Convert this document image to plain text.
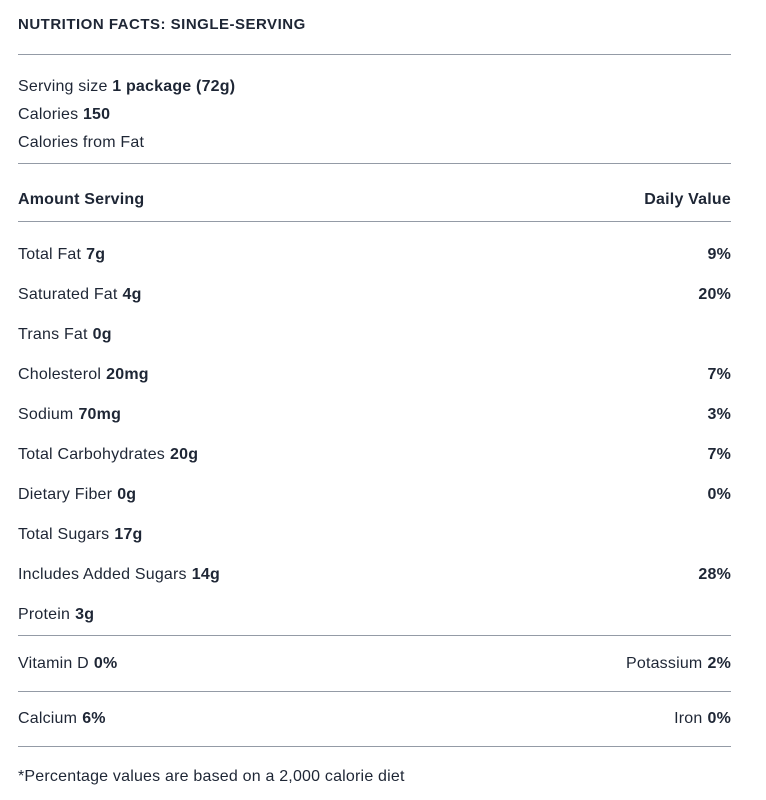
NUTRITION FACTS: SINGLE-SERVING
Serving size 1 package (72g)
Calories 150
Calories from Fat
Amount Serving	Daily Value
Total Fat 7g	9%
Saturated Fat 4g	20%
Trans Fat 0g
Cholesterol 20mg	7%
Sodium 70mg	3%
Total Carbohydrates 20g	7%
Dietary Fiber 0g	0%
Total Sugars 17g
Includes Added Sugars 14g	28%
Protein 3g
Vitamin D 0%	Potassium 2%
Calcium 6%	Iron 0%
*Percentage values are based on a 2,000 calorie diet
